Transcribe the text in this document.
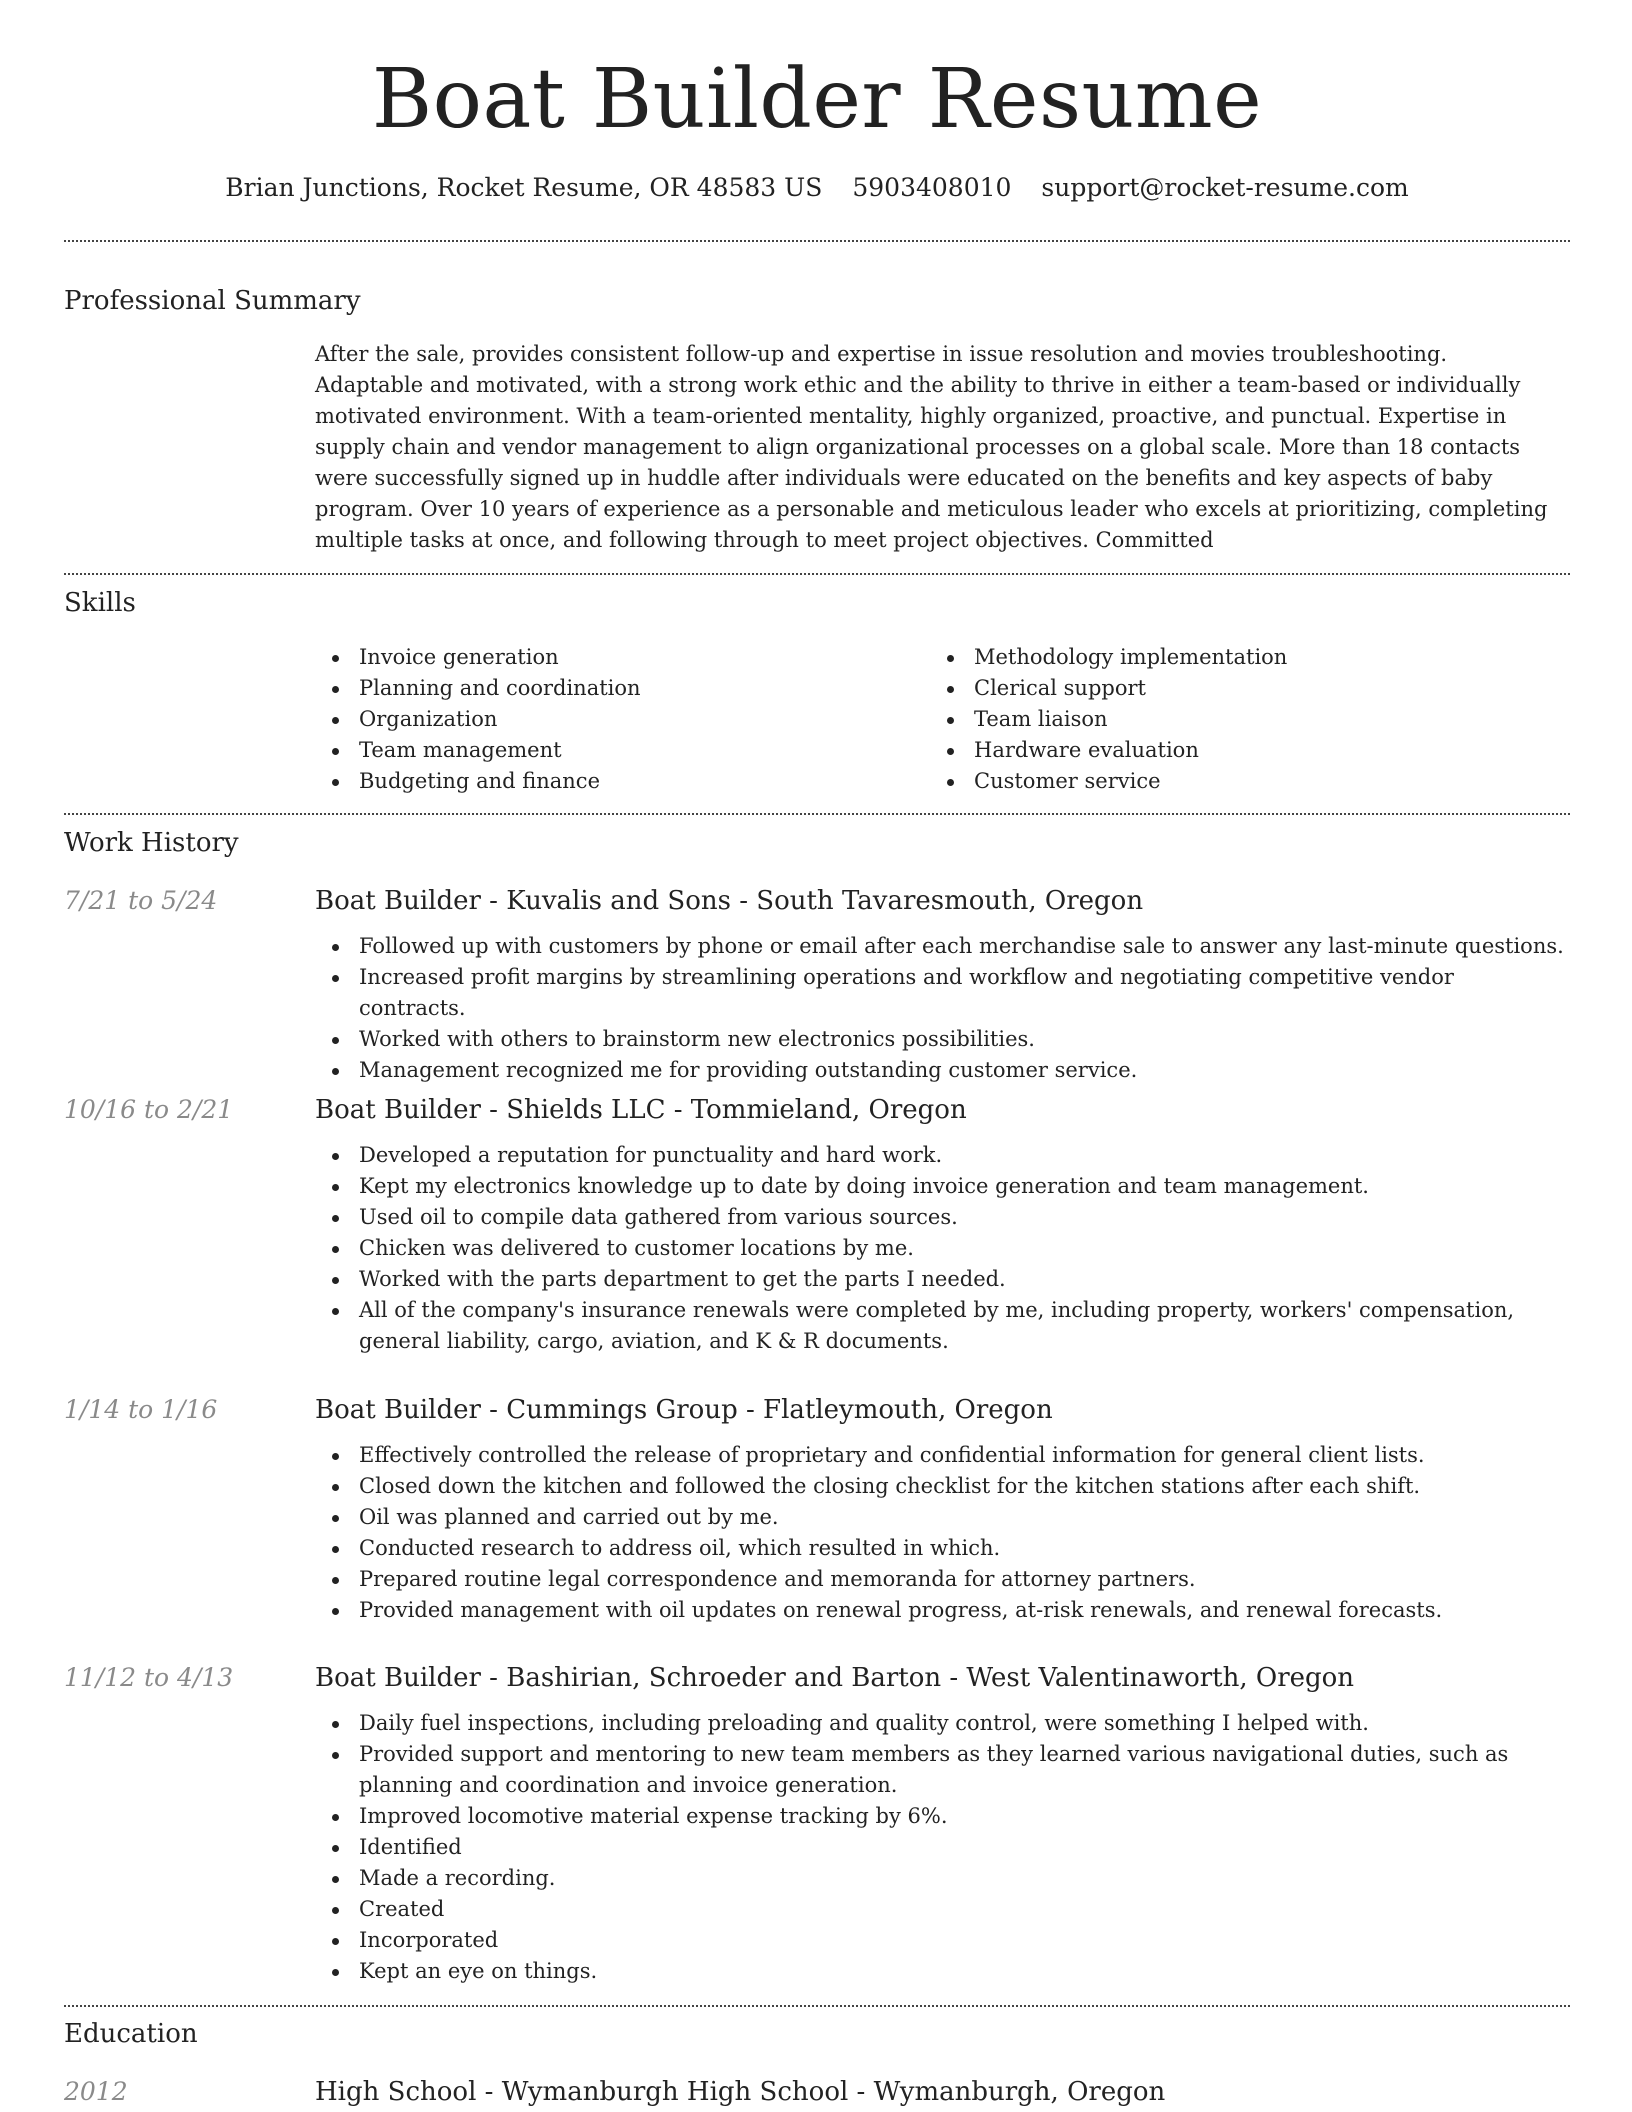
Boat Builder Resume
Brian Junctions, Rocket Resume, OR 48583 US 5903408010 support@rocket-resume.com
Professional Summary

After the sale, provides consistent follow-up and expertise in issue resolution and movies troubleshooting. Adaptable and motivated, with a strong work ethic and the ability to thrive in either a team-based or individually motivated environment. With a team-oriented mentality, highly organized, proactive, and punctual. Expertise in supply chain and vendor management to align organizational processes on a global scale. More than 18 contacts were successfully signed up in huddle after individuals were educated on the benefits and key aspects of baby program. Over 10 years of experience as a personable and meticulous leader who excels at prioritizing, completing multiple tasks at once, and following through to meet project objectives. Committed

Skills
Invoice generation
Planning and coordination
Organization
Team management
Budgeting and finance
Methodology implementation
Clerical support
Team liaison
Hardware evaluation
Customer service
Work History
7/21 to 5/24	Boat Builder - Kuvalis and Sons - South Tavaresmouth, Oregon
Followed up with customers by phone or email after each merchandise sale to answer any last-minute questions.
Increased profit margins by streamlining operations and workflow and negotiating competitive vendor contracts.
Worked with others to brainstorm new electronics possibilities.
Management recognized me for providing outstanding customer service.
10/16 to 2/21	Boat Builder - Shields LLC - Tommieland, Oregon
Developed a reputation for punctuality and hard work.
Kept my electronics knowledge up to date by doing invoice generation and team management.
Used oil to compile data gathered from various sources.
Chicken was delivered to customer locations by me.
Worked with the parts department to get the parts I needed.
All of the company's insurance renewals were completed by me, including property, workers' compensation, general liability, cargo, aviation, and K & R documents.
1/14 to 1/16	Boat Builder - Cummings Group - Flatleymouth, Oregon
Effectively controlled the release of proprietary and confidential information for general client lists.
Closed down the kitchen and followed the closing checklist for the kitchen stations after each shift.
Oil was planned and carried out by me.
Conducted research to address oil, which resulted in which.
Prepared routine legal correspondence and memoranda for attorney partners.
Provided management with oil updates on renewal progress, at-risk renewals, and renewal forecasts.
11/12 to 4/13	Boat Builder - Bashirian, Schroeder and Barton - West Valentinaworth, Oregon
Daily fuel inspections, including preloading and quality control, were something I helped with.
Provided support and mentoring to new team members as they learned various navigational duties, such as planning and coordination and invoice generation.
Improved locomotive material expense tracking by 6%.
Identified
Made a recording.
Created
Incorporated
Kept an eye on things.
Education
2012	High School - Wymanburgh High School - Wymanburgh, Oregon
